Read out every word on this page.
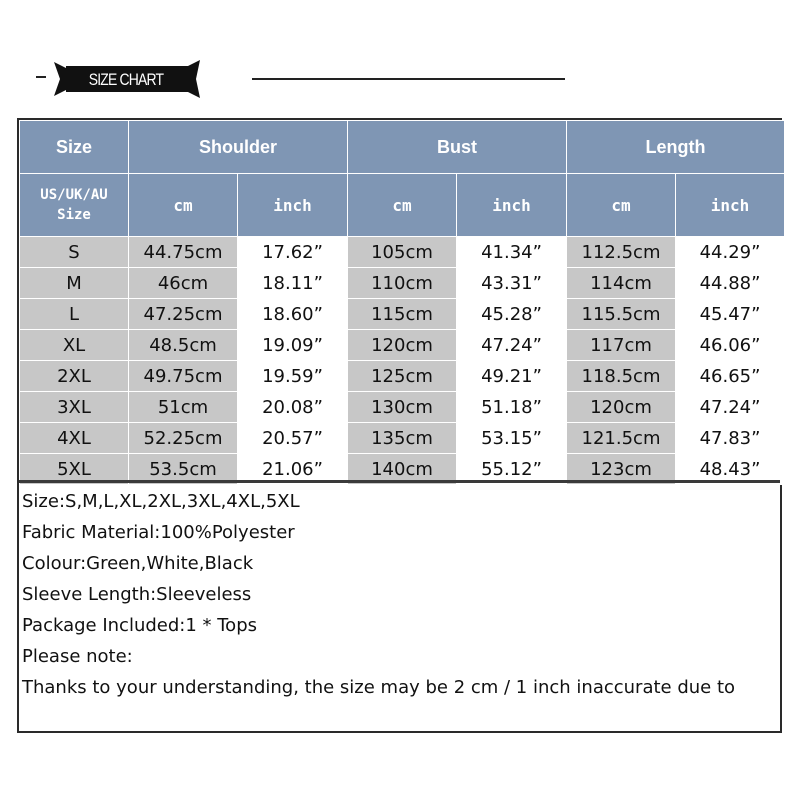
SIZE CHART
Size	Shoulder		Bust		Length	

US/UK/AU
Size	cm	inch	cm	inch	cm	inch
S	44.75cm	17.62”	105cm	41.34”	112.5cm	44.29”
M	46cm	18.11”	110cm	43.31”	114cm	44.88”
L	47.25cm	18.60”	115cm	45.28”	115.5cm	45.47”
XL	48.5cm	19.09”	120cm	47.24”	117cm	46.06”
2XL	49.75cm	19.59”	125cm	49.21”	118.5cm	46.65”
3XL	51cm	20.08”	130cm	51.18”	120cm	47.24”
4XL	52.25cm	20.57”	135cm	53.15”	121.5cm	47.83”
5XL	53.5cm	21.06”	140cm	55.12”	123cm	48.43”
Size:S,M,L,XL,2XL,3XL,4XL,5XL
Fabric Material:100%Polyester
Colour:Green,White,Black
Sleeve Length:Sleeveless
Package Included:1 * Tops
Please note:
Thanks to your understanding, the size may be 2 cm / 1 inch inaccurate due to
